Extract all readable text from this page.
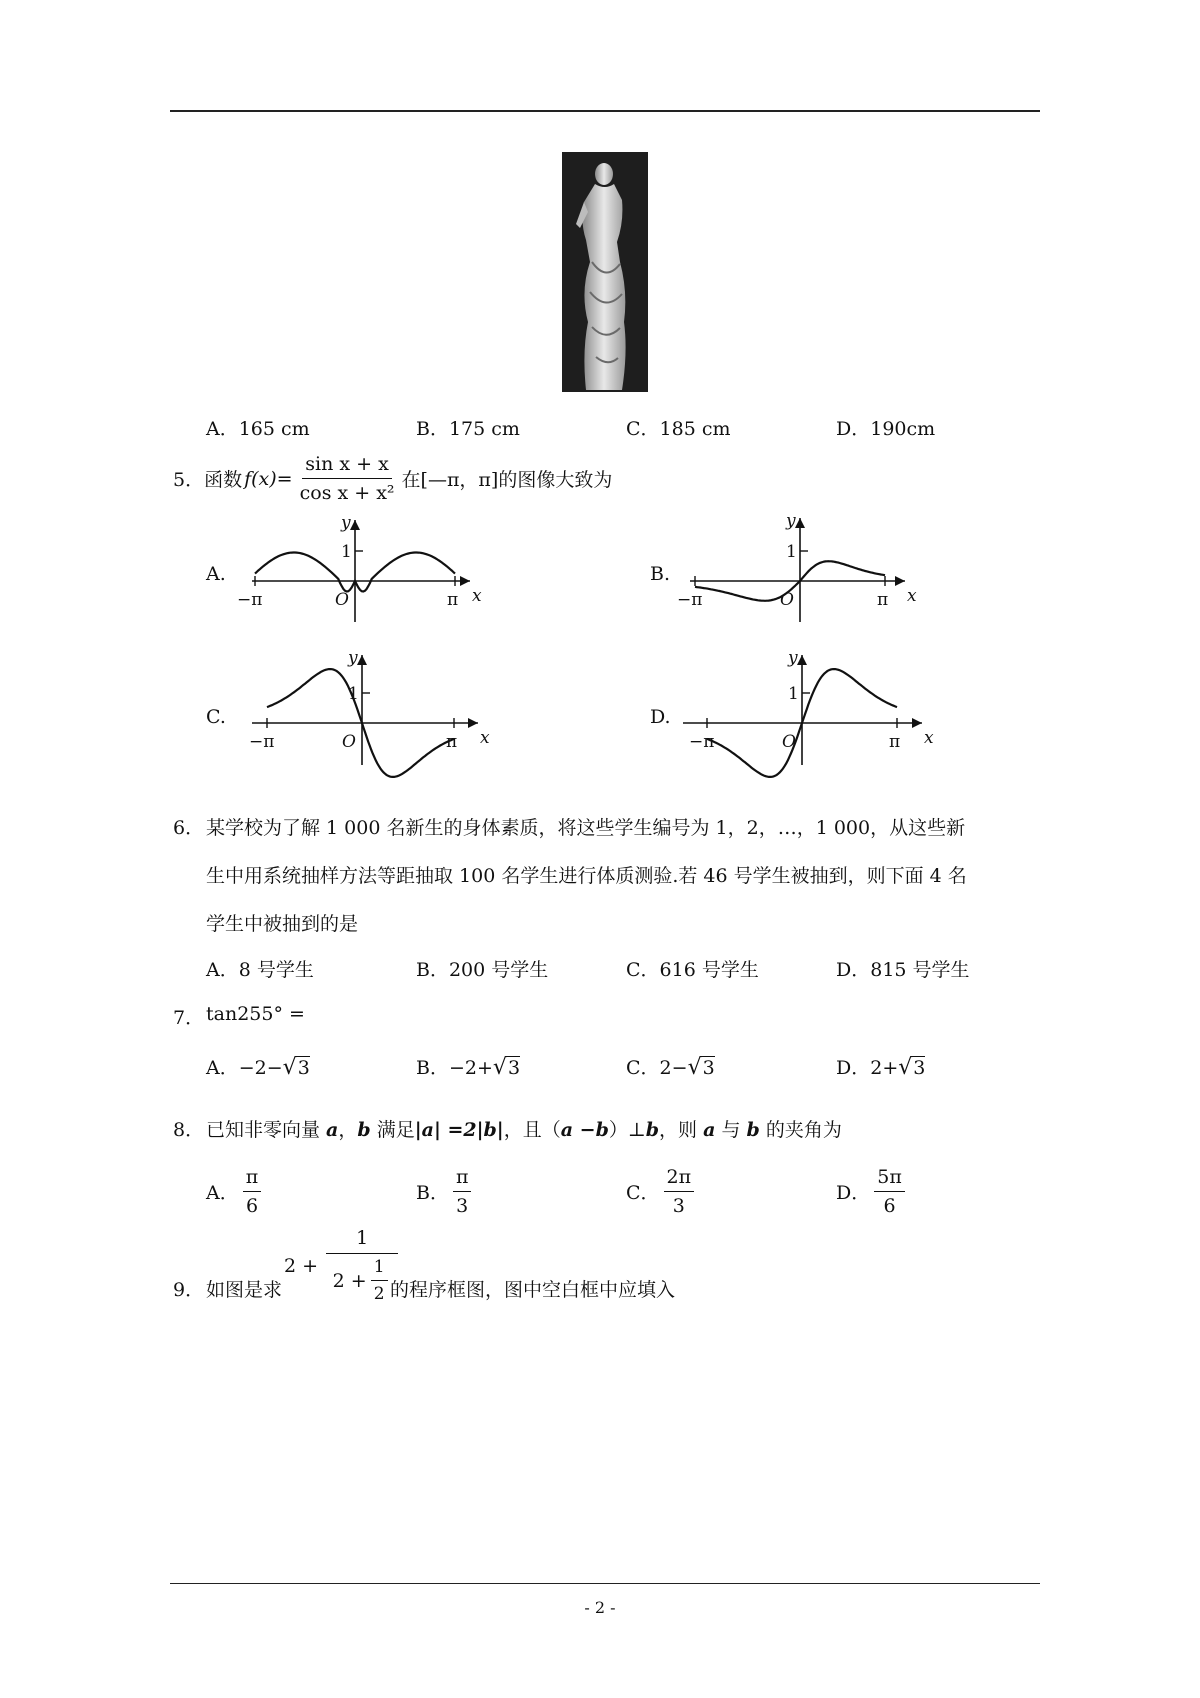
A．165 cm	B．175 cm	C．185 cm	D．190cm
5． 函数 $f(x)= \frac{\text{sin x + x}}{\text{cos x + x²}}$ 在[—π，π]的图像大致为
A.	B.
C.	D.
y
x
1
O
−π	π
y
x
1
O
−π	π
y
x
1
O
−π	π
y
x
1
O
−π	π
6． 某学校为了解 1 000 名新生的身体素质，将这些学生编号为 1，2，…，1 000，从这些新
生中用系统抽样方法等距抽取 100 名学生进行体质测验.若 46 号学生被抽到，则下面 4 名
学生中被抽到的是
A．8 号学生	B．200 号学生	C．616 号学生	D．815 号学生
7． tan255° =
A．−2−√3	B．−2+√3	C．2−√3	D．2+√3
8． 已知非零向量 a，b 满足|a| =2|b|，且（a −b）⊥b，则 a 与 b 的夹角为
A． $\frac{\pi}{6}$	B． $\frac{\pi}{3}$	C． $\frac{2\pi}{3}$	D． $\frac{5\pi}{6}$
9． 如图是求
$2 + \frac{1}{2 + \frac{1}{2}}$
的程序框图，图中空白框中应填入
- 2 -
